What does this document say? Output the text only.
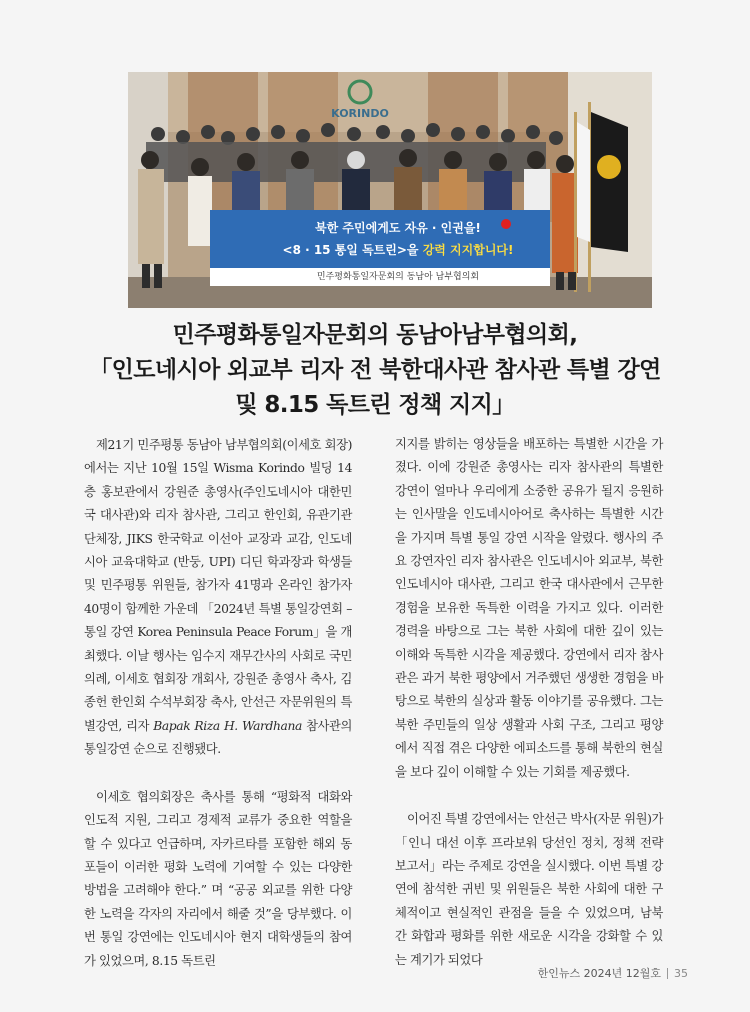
KORINDO
북한 주민에게도 자유 · 인권을!
<8 · 15 통일 독트린>을 강력 지지합니다!
민주평화통일자문회의 동남아 남부협의회
민주평화통일자문회의 동남아남부협의회,
「인도네시아 외교부 리자 전 북한대사관 참사관 특별 강연
및 8.15 독트린 정책 지지」

제21기 민주평통 동남아 남부협의회(이세호 회장)에서는 지난 10월 15일 Wisma Korindo 빌딩 14층 홍보관에서 강원준 총영사(주인도네시아 대한민국 대사관)와 리자 참사관, 그리고 한인회, 유관기관 단체장, JIKS 한국학교 이선아 교장과 교감, 인도네시아 교육대학교 (반둥, UPI) 디딘 학과장과 학생들 및 민주평통 위원들, 참가자 41명과 온라인 참가자 40명이 함께한 가운데 「2024년 특별 통일강연회 – 통일 강연 Korea Peninsula Peace Forum」을 개최했다. 이날 행사는 임수지 재무간사의 사회로 국민의례, 이세호 협회장 개회사, 강원준 총영사 축사, 김종헌 한인회 수석부회장 축사, 안선근 자문위원의 특별강연, 리자 Bapak Riza H. Wardhana 참사관의 통일강연 순으로 진행됐다.

이세호 협의회장은 축사를 통해 “평화적 대화와 인도적 지원, 그리고 경제적 교류가 중요한 역할을 할 수 있다고 언급하며, 자카르타를 포함한 해외 동포들이 이러한 평화 노력에 기여할 수 있는 다양한 방법을 고려해야 한다.” 며 “공공 외교를 위한 다양한 노력을 각자의 자리에서 해줄 것”을 당부했다. 이번 통일 강연에는 인도네시아 현지 대학생들의 참여가 있었으며, 8.15 독트린

지지를 밝히는 영상들을 배포하는 특별한 시간을 가졌다. 이에 강원준 총영사는 리자 참사관의 특별한 강연이 얼마나 우리에게 소중한 공유가 될지 응원하는 인사말을 인도네시아어로 축사하는 특별한 시간을 가지며 특별 통일 강연 시작을 알렸다. 행사의 주요 강연자인 리자 참사관은 인도네시아 외교부, 북한 인도네시아 대사관, 그리고 한국 대사관에서 근무한 경험을 보유한 독특한 이력을 가지고 있다. 이러한 경력을 바탕으로 그는 북한 사회에 대한 깊이 있는 이해와 독특한 시각을 제공했다. 강연에서 리자 참사관은 과거 북한 평양에서 거주했던 생생한 경험을 바탕으로 북한의 실상과 활동 이야기를 공유했다. 그는 북한 주민들의 일상 생활과 사회 구조, 그리고 평양에서 직접 겪은 다양한 에피소드를 통해 북한의 현실을 보다 깊이 이해할 수 있는 기회를 제공했다.

이어진 특별 강연에서는 안선근 박사(자문 위원)가 「인니 대선 이후 프라보워 당선인 정치, 정책 전략 보고서」라는 주제로 강연을 실시했다. 이번 특별 강연에 참석한 귀빈 및 위원들은 북한 사회에 대한 구체적이고 현실적인 관점을 들을 수 있었으며, 남북 간 화합과 평화를 위한 새로운 시각을 강화할 수 있는 계기가 되었다

한인뉴스 2024년 12월호 35
